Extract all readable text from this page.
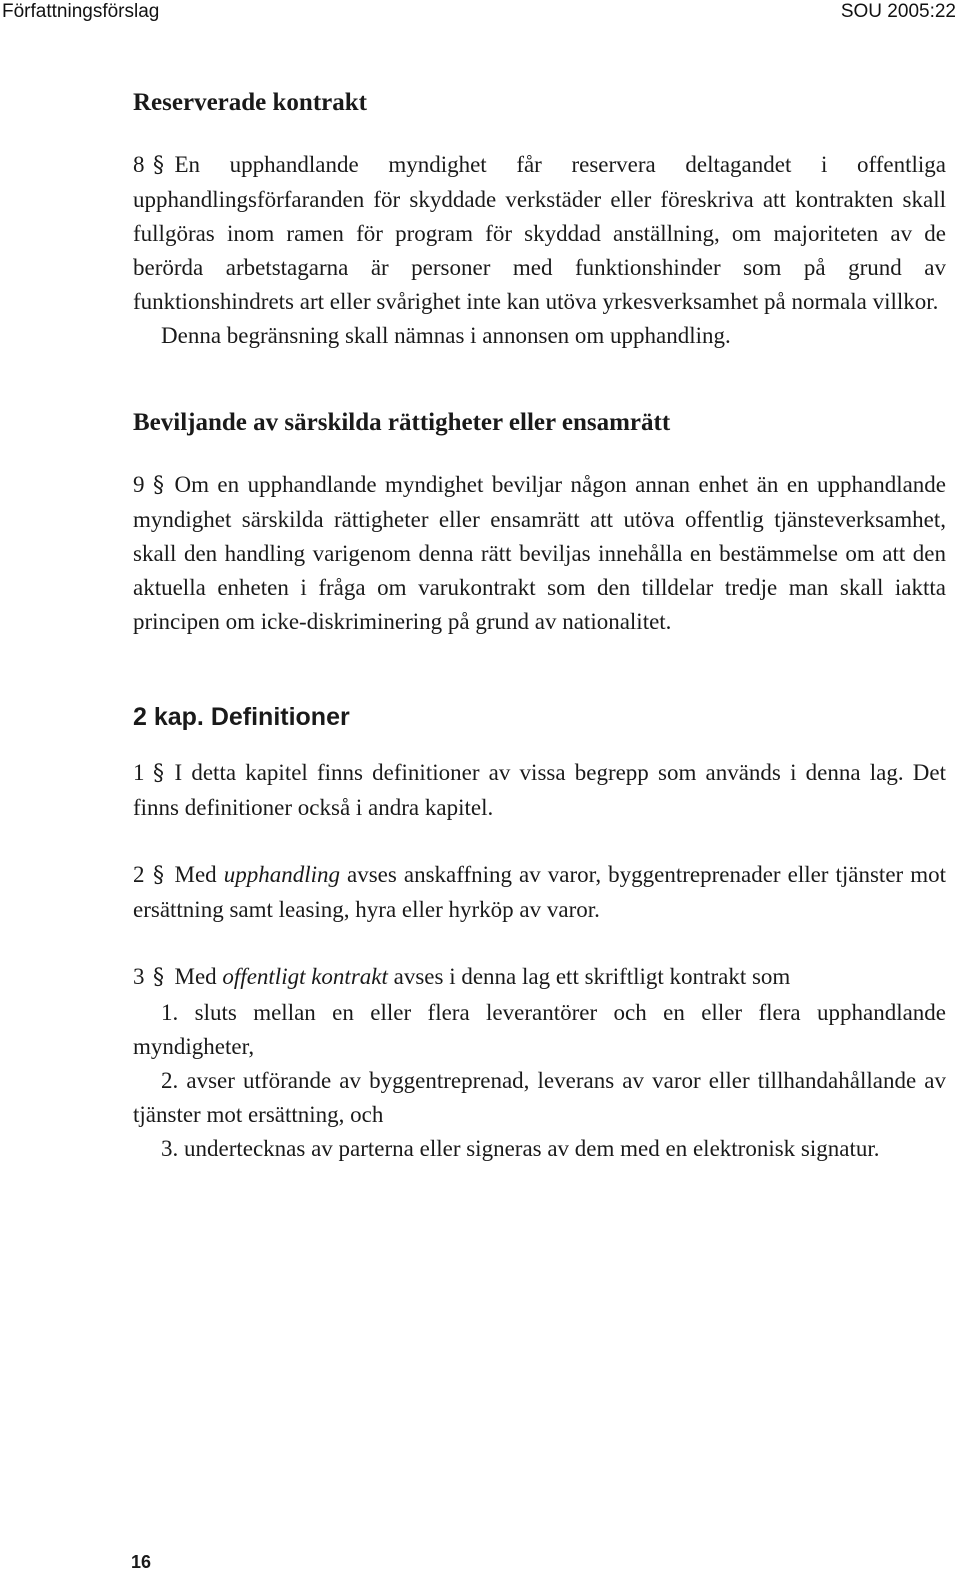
Författningsförslag	SOU 2005:22
Reserverade kontrakt

8 § En upphandlande myndighet får reservera deltagandet i offentliga upphandlingsförfaranden för skyddade verkstäder eller föreskriva att kontrakten skall fullgöras inom ramen för program för skyddad anställning, om majoriteten av de berörda arbetstagarna är personer med funktionshinder som på grund av funktionshindrets art eller svårighet inte kan utöva yrkesverksamhet på normala villkor.

Denna begränsning skall nämnas i annonsen om upphandling.

Beviljande av särskilda rättigheter eller ensamrätt

9 § Om en upphandlande myndighet beviljar någon annan enhet än en upphandlande myndighet särskilda rättigheter eller ensamrätt att utöva offentlig tjänsteverksamhet, skall den handling varigenom denna rätt beviljas innehålla en bestämmelse om att den aktuella enheten i fråga om varukontrakt som den tilldelar tredje man skall iaktta principen om icke-diskriminering på grund av nationalitet.

2 kap. Definitioner

1 § I detta kapitel finns definitioner av vissa begrepp som används i denna lag. Det finns definitioner också i andra kapitel.

2 § Med upphandling avses anskaffning av varor, byggentreprenader eller tjänster mot ersättning samt leasing, hyra eller hyrköp av varor.

3 § Med offentligt kontrakt avses i denna lag ett skriftligt kontrakt som

1. sluts mellan en eller flera leverantörer och en eller flera upphandlande myndigheter,

2. avser utförande av byggentreprenad, leverans av varor eller tillhandahållande av tjänster mot ersättning, och

3. undertecknas av parterna eller signeras av dem med en elektronisk signatur.

16
